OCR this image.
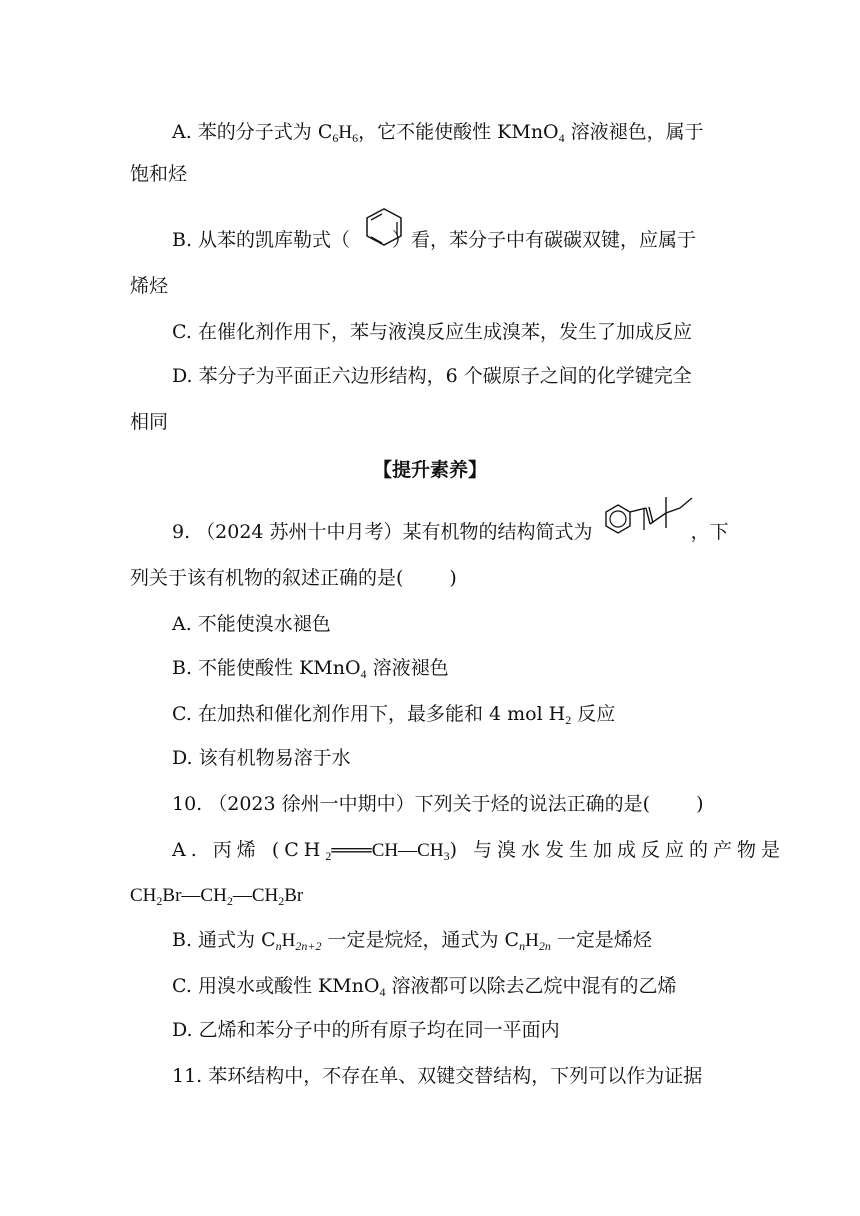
A. 苯的分子式为 $C_6H_6$，它不能使酸性 KMnO$_4$ 溶液褪色，属于
饱和烃
B. 从苯的凯库勒式（ ）看，苯分子中有碳碳双键，应属于
烯烃
C. 在催化剂作用下，苯与液溴反应生成溴苯，发生了加成反应
D. 苯分子为平面正六边形结构，6 个碳原子之间的化学键完全
相同
【提升素养】
9. （2024 苏州十中月考）某有机物的结构简式为	，下
列关于该有机物的叙述正确的是( )
A. 不能使溴水褪色
B. 不能使酸性 KMnO$_4$ 溶液褪色
C. 在加热和催化剂作用下，最多能和 4 mol $H_2$ 反应
D. 该有机物易溶于水
10. （2023 徐州一中期中）下列关于烃的说法正确的是( )
A. 丙烯 $(CH_2═══CH—CH_3)$ 与溴水发生加成反应的产物是
$CH_2Br—CH_2—CH_2Br$
B. 通式为 $C_nH_{2n+2}$ 一定是烷烃，通式为 $C_nH_{2n}$ 一定是烯烃
C. 用溴水或酸性 KMnO$_4$ 溶液都可以除去乙烷中混有的乙烯
D. 乙烯和苯分子中的所有原子均在同一平面内
11. 苯环结构中，不存在单、双键交替结构，下列可以作为证据
